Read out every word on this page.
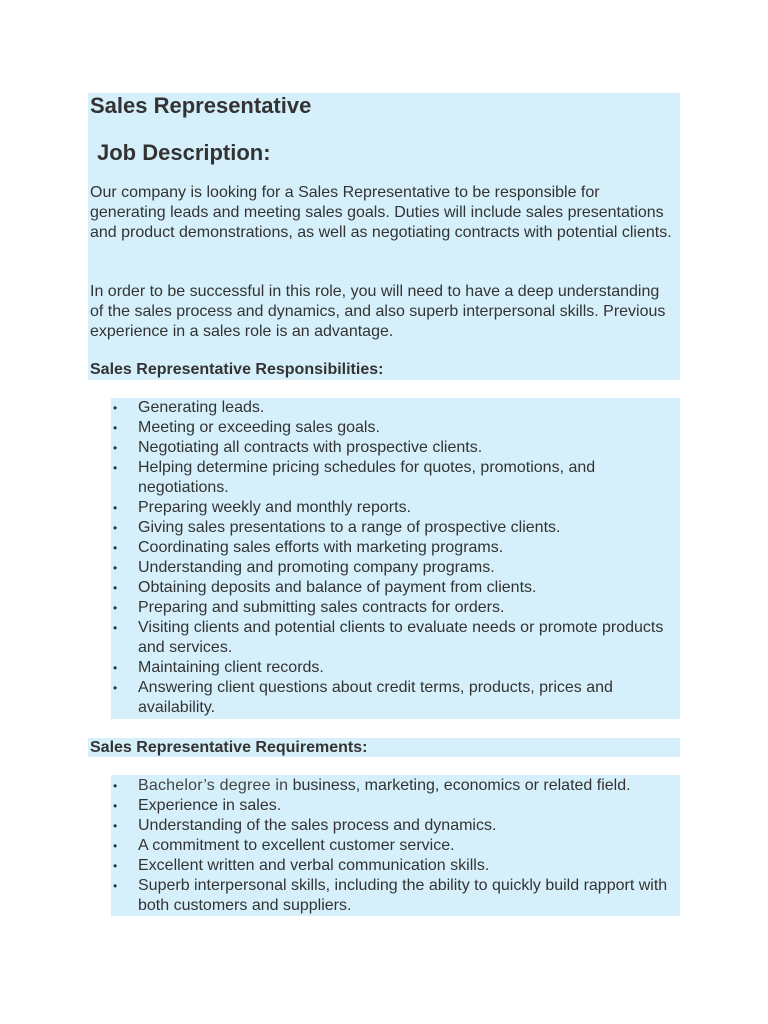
Sales Representative
Job Description:

Our company is looking for a Sales Representative to be responsible for generating leads and meeting sales goals. Duties will include sales presentations and product demonstrations, as well as negotiating contracts with potential clients.

In order to be successful in this role, you will need to have a deep understanding of the sales process and dynamics, and also superb interpersonal skills. Previous experience in a sales role is an advantage.

Sales Representative Responsibilities:
• Generating leads.
• Meeting or exceeding sales goals.
• Negotiating all contracts with prospective clients.
• Helping determine pricing schedules for quotes, promotions, and negotiations.
• Preparing weekly and monthly reports.
• Giving sales presentations to a range of prospective clients.
• Coordinating sales efforts with marketing programs.
• Understanding and promoting company programs.
• Obtaining deposits and balance of payment from clients.
• Preparing and submitting sales contracts for orders.
• Visiting clients and potential clients to evaluate needs or promote products and services.
• Maintaining client records.
• Answering client questions about credit terms, products, prices and availability.
Sales Representative Requirements:
• Bachelor’s degree in business, marketing, economics or related field.
• Experience in sales.
• Understanding of the sales process and dynamics.
• A commitment to excellent customer service.
• Excellent written and verbal communication skills.
• Superb interpersonal skills, including the ability to quickly build rapport with both customers and suppliers.
